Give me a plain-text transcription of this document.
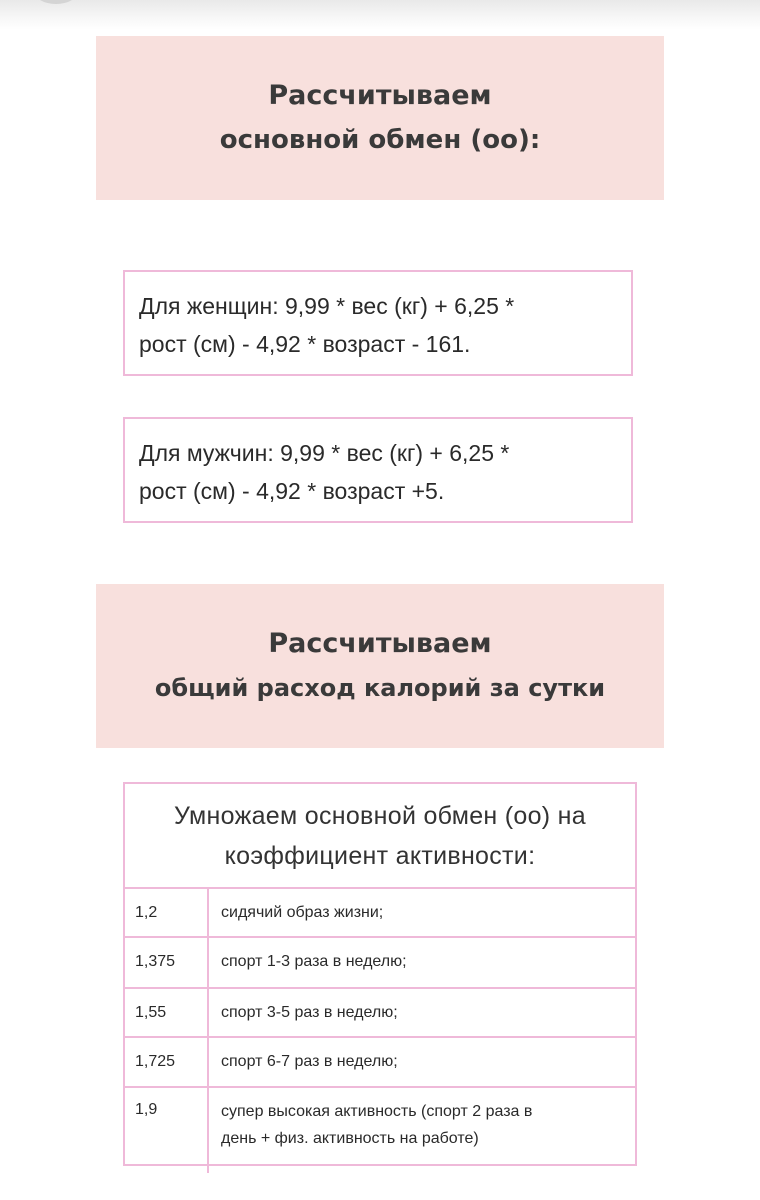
Рассчитываем
основной обмен (оо):
Для женщин: 9,99 * вес (кг) + 6,25 *
рост (см) - 4,92 * возраст - 161.
Для мужчин: 9,99 * вес (кг) + 6,25 *
рост (см) - 4,92 * возраст +5.
Рассчитываем
общий расход калорий за сутки
Умножаем основной обмен (оо) на
коэффициент активности:
1,2	сидячий образ жизни;
1,375	спорт 1-3 раза в неделю;
1,55	спорт 3-5 раз в неделю;
1,725	спорт 6-7 раз в неделю;
1,9	супер высокая активность (спорт 2 раза в
день + физ. активность на работе)
